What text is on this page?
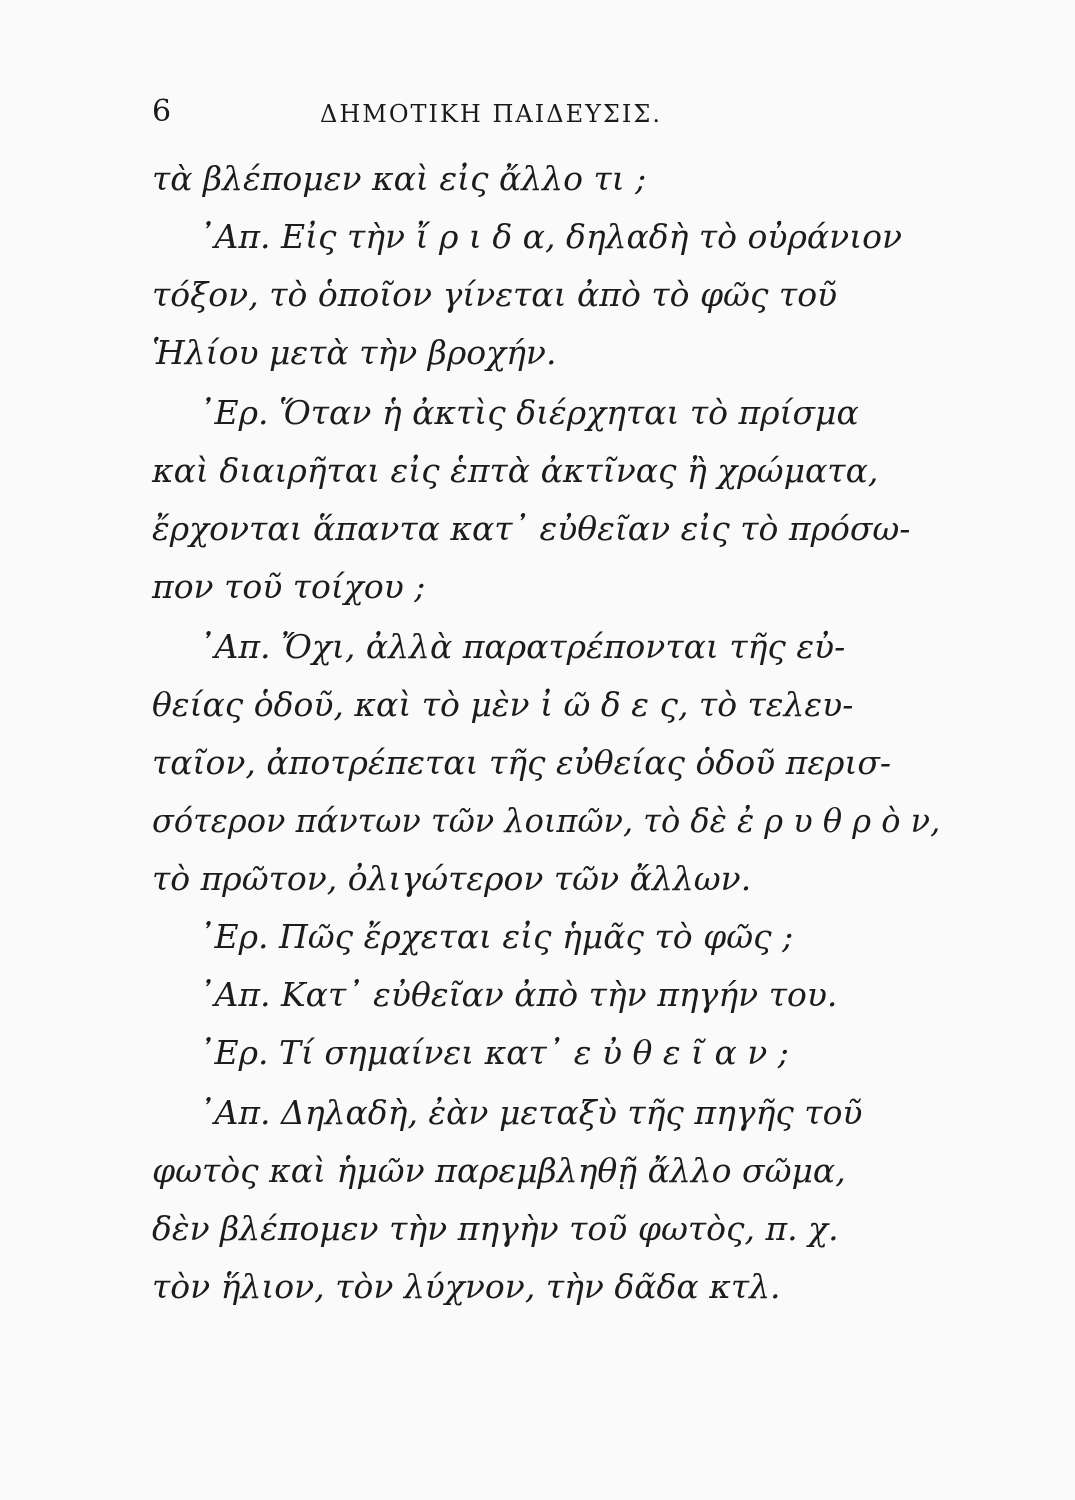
6	ΔΗΜΟΤΙΚΗ ΠΑΙΔΕΥΣΙΣ.
τὰ βλέπομεν καὶ εἰς ἄλλο τι ;
᾿Απ. Εἰς τὴν ἴ ρ ι δ α, δηλαδὴ τὸ οὐράνιον
τόξον, τὸ ὁποῖον γίνεται ἀπὸ τὸ φῶς τοῦ
Ἡλίου μετὰ τὴν βροχήν.
᾿Ερ. Ὅταν ἡ ἀκτὶς διέρχηται τὸ πρίσμα
καὶ διαιρῆται εἰς ἑπτὰ ἀκτῖνας ἢ χρώματα,
ἔρχονται ἅπαντα κατ᾿ εὐθεῖαν εἰς τὸ πρόσω-
πον τοῦ τοίχου ;
᾿Απ. Ὄχι, ἀλλὰ παρατρέπονται τῆς εὐ-
θείας ὁδοῦ, καὶ τὸ μὲν ἰ ῶ δ ε ς, τὸ τελευ-
ταῖον, ἀποτρέπεται τῆς εὐθείας ὁδοῦ περισ-
σότερον πάντων τῶν λοιπῶν, τὸ δὲ ἐ ρ υ θ ρ ὸ ν,
τὸ πρῶτον, ὀλιγώτερον τῶν ἄλλων.
᾿Ερ. Πῶς ἔρχεται εἰς ἡμᾶς τὸ φῶς ;
᾿Απ. Κατ᾿ εὐθεῖαν ἀπὸ τὴν πηγήν του.
᾿Ερ. Τί σημαίνει κατ᾿ ε ὐ θ ε ῖ α ν ;
᾿Απ. Δηλαδὴ, ἐὰν μεταξὺ τῆς πηγῆς τοῦ
φωτὸς καὶ ἡμῶν παρεμβληθῇ ἄλλο σῶμα,
δὲν βλέπομεν τὴν πηγὴν τοῦ φωτὸς, π. χ.
τὸν ἥλιον, τὸν λύχνον, τὴν δᾶδα κτλ.
